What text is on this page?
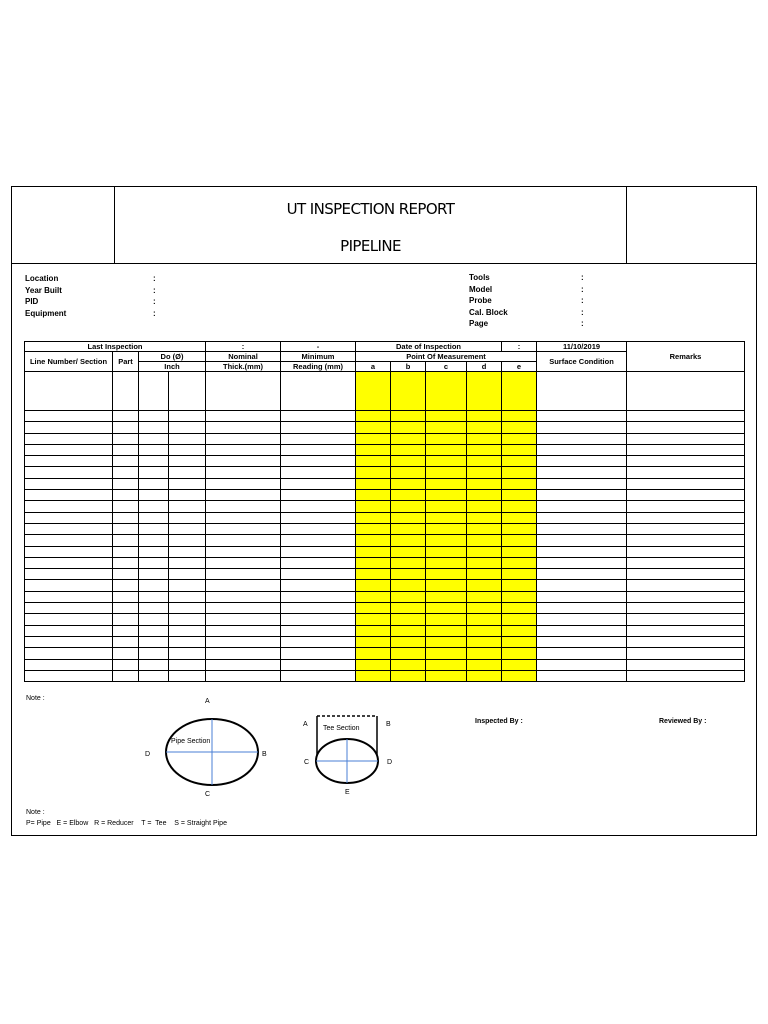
UT INSPECTION REPORT
PIPELINE
Location	:
Year Built	:
PID	:
Equipment	:
Tools	:
Model	:
Probe	:
Cal. Block	:
Page	:
Last Inspection				:	-	Date of Inspection				:	11/10/2019	Remarks
Line Number/ Section	Part	Do (Ø)		Nominal	Minimum	Point Of Measurement					Surface Condition	
		Inch		Thick.(mm)	Reading (mm)	a	b	c	d	e		

Note :	A
B
C
D
Pipe Section
A	B
C	D
E
Tee Section
Inspected By :	Reviewed By :
Note :
P= Pipe   E = Elbow   R = Reducer    T =  Tee    S = Straight Pipe
